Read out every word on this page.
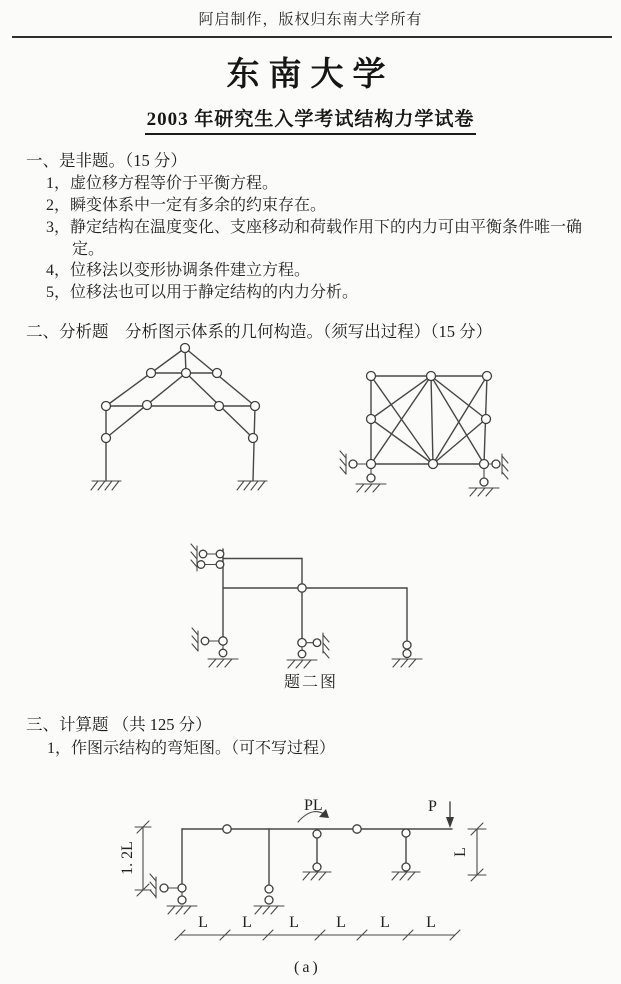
阿启制作，版权归东南大学所有
东南大学
2003 年研究生入学考试结构力学试卷
一、是非题。（15 分）
1，虚位移方程等价于平衡方程。
2，瞬变体系中一定有多余的约束存在。
3，静定结构在温度变化、支座移动和荷载作用下的内力可由平衡条件唯一确
定。
4，位移法以变形协调条件建立方程。
5，位移法也可以用于静定结构的内力分析。
二、分析题　分析图示体系的几何构造。（须写出过程）（15 分）
题二图
三、计算题 （共 125 分）
1，作图示结构的弯矩图。（可不写过程）
PL	P
1. 2L	L
L L L L L L
(a)
